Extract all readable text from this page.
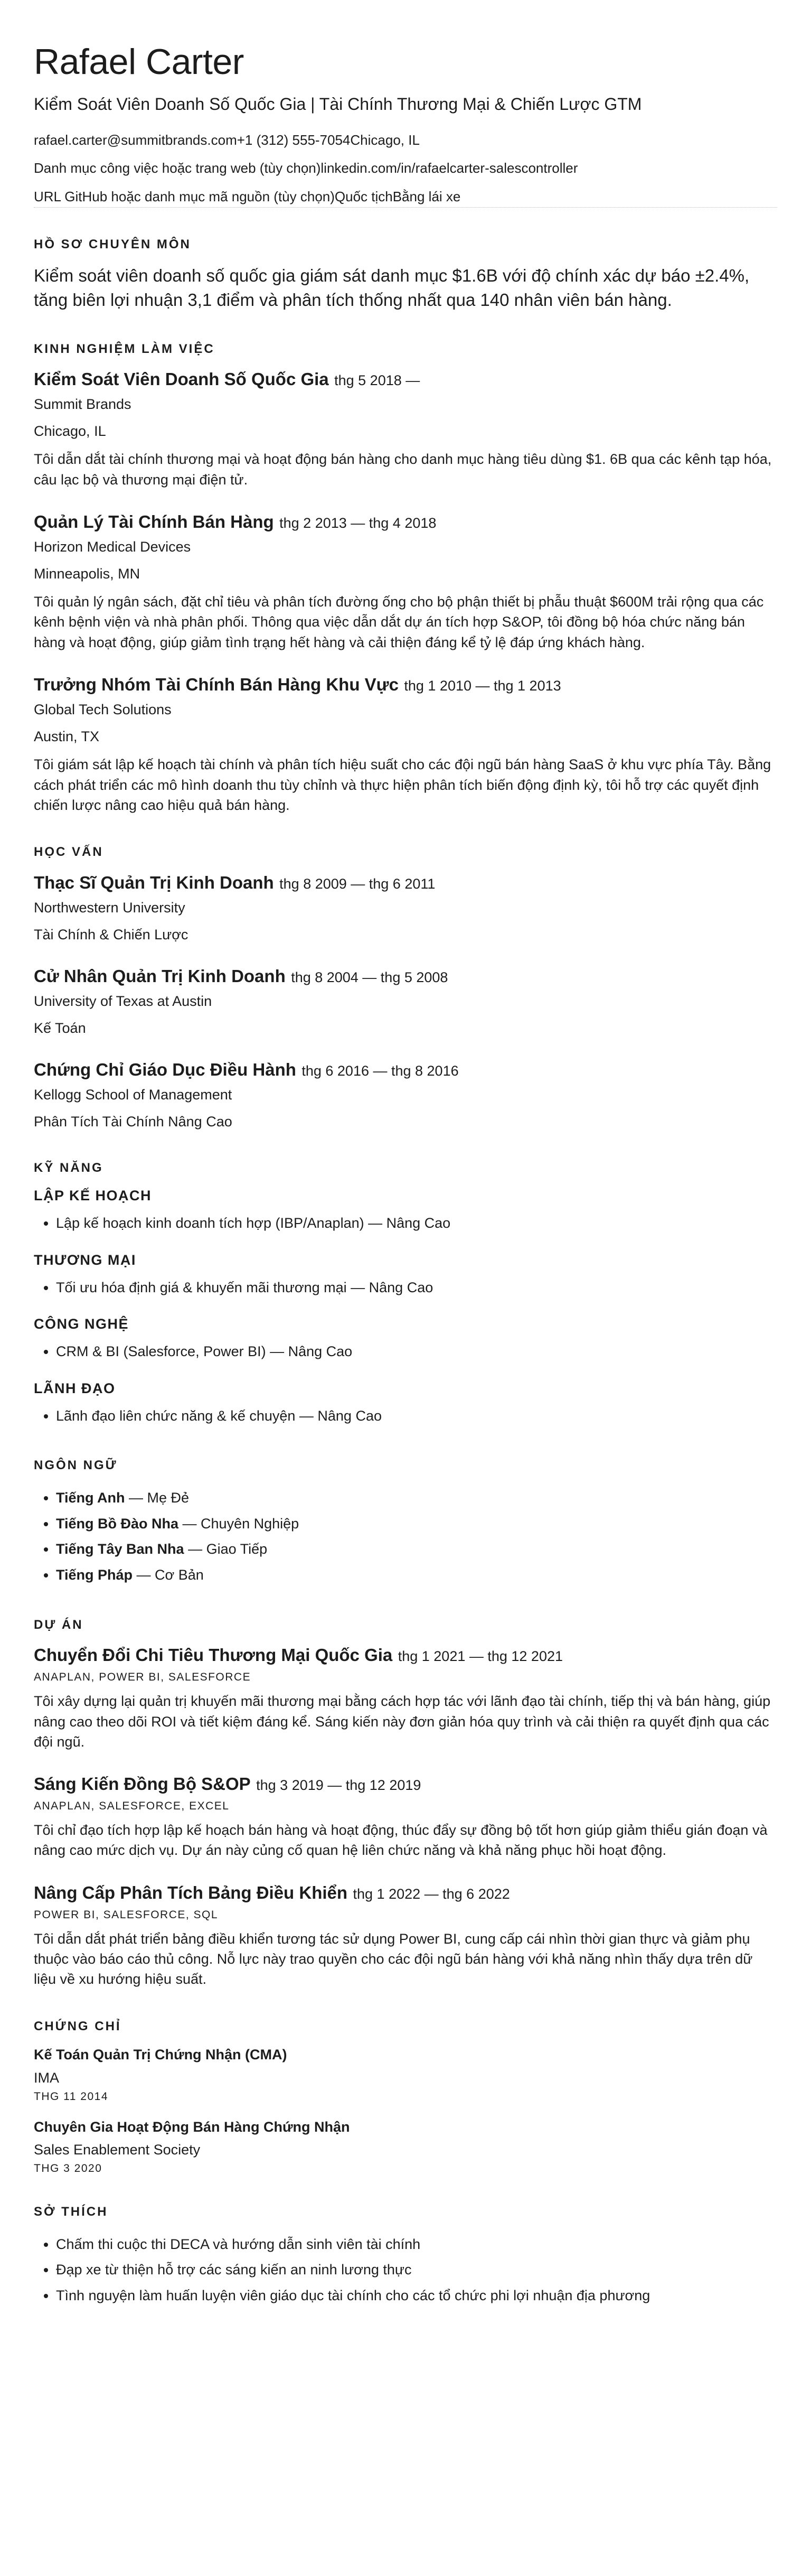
Rafael Carter
Kiểm Soát Viên Doanh Số Quốc Gia | Tài Chính Thương Mại & Chiến Lược GTM
rafael.carter@summitbrands.com+1 (312) 555-7054Chicago, IL
Danh mục công việc hoặc trang web (tùy chọn)linkedin.com/in/rafaelcarter-salescontroller
URL GitHub hoặc danh mục mã nguồn (tùy chọn)Quốc tịchBằng lái xe
HỒ SƠ CHUYÊN MÔN

Kiểm soát viên doanh số quốc gia giám sát danh mục $1.6B với độ chính xác dự báo ±2.4%, tăng biên lợi nhuận 3,1 điểm và phân tích thống nhất qua 140 nhân viên bán hàng.

KINH NGHIỆM LÀM VIỆC
Kiểm Soát Viên Doanh Số Quốc Gia thg 5 2018 —
Summit Brands
Chicago, IL

Tôi dẫn dắt tài chính thương mại và hoạt động bán hàng cho danh mục hàng tiêu dùng $1. 6B qua các kênh tạp hóa, câu lạc bộ và thương mại điện tử.

Quản Lý Tài Chính Bán Hàng thg 2 2013 — thg 4 2018
Horizon Medical Devices
Minneapolis, MN

Tôi quản lý ngân sách, đặt chỉ tiêu và phân tích đường ống cho bộ phận thiết bị phẫu thuật $600M trải rộng qua các kênh bệnh viện và nhà phân phối. Thông qua việc dẫn dắt dự án tích hợp S&OP, tôi đồng bộ hóa chức năng bán hàng và hoạt động, giúp giảm tình trạng hết hàng và cải thiện đáng kể tỷ lệ đáp ứng khách hàng.

Trưởng Nhóm Tài Chính Bán Hàng Khu Vực thg 1 2010 — thg 1 2013
Global Tech Solutions
Austin, TX

Tôi giám sát lập kế hoạch tài chính và phân tích hiệu suất cho các đội ngũ bán hàng SaaS ở khu vực phía Tây. Bằng cách phát triển các mô hình doanh thu tùy chỉnh và thực hiện phân tích biến động định kỳ, tôi hỗ trợ các quyết định chiến lược nâng cao hiệu quả bán hàng.

HỌC VẤN
Thạc Sĩ Quản Trị Kinh Doanh thg 8 2009 — thg 6 2011
Northwestern University
Tài Chính & Chiến Lược
Cử Nhân Quản Trị Kinh Doanh thg 8 2004 — thg 5 2008
University of Texas at Austin
Kế Toán
Chứng Chỉ Giáo Dục Điều Hành thg 6 2016 — thg 8 2016
Kellogg School of Management
Phân Tích Tài Chính Nâng Cao
KỸ NĂNG
LẬP KẾ HOẠCH
• Lập kế hoạch kinh doanh tích hợp (IBP/Anaplan) — Nâng Cao
THƯƠNG MẠI
• Tối ưu hóa định giá & khuyến mãi thương mại — Nâng Cao
CÔNG NGHỆ
• CRM & BI (Salesforce, Power BI) — Nâng Cao
LÃNH ĐẠO
• Lãnh đạo liên chức năng & kế chuyện — Nâng Cao
NGÔN NGỮ
• Tiếng Anh — Mẹ Đẻ
• Tiếng Bồ Đào Nha — Chuyên Nghiệp
• Tiếng Tây Ban Nha — Giao Tiếp
• Tiếng Pháp — Cơ Bản
DỰ ÁN
Chuyển Đổi Chi Tiêu Thương Mại Quốc Gia thg 1 2021 — thg 12 2021
ANAPLAN, POWER BI, SALESFORCE

Tôi xây dựng lại quản trị khuyến mãi thương mại bằng cách hợp tác với lãnh đạo tài chính, tiếp thị và bán hàng, giúp nâng cao theo dõi ROI và tiết kiệm đáng kể. Sáng kiến này đơn giản hóa quy trình và cải thiện ra quyết định qua các đội ngũ.

Sáng Kiến Đồng Bộ S&OP thg 3 2019 — thg 12 2019
ANAPLAN, SALESFORCE, EXCEL

Tôi chỉ đạo tích hợp lập kế hoạch bán hàng và hoạt động, thúc đẩy sự đồng bộ tốt hơn giúp giảm thiểu gián đoạn và nâng cao mức dịch vụ. Dự án này củng cố quan hệ liên chức năng và khả năng phục hồi hoạt động.

Nâng Cấp Phân Tích Bảng Điều Khiển thg 1 2022 — thg 6 2022
POWER BI, SALESFORCE, SQL

Tôi dẫn dắt phát triển bảng điều khiển tương tác sử dụng Power BI, cung cấp cái nhìn thời gian thực và giảm phụ thuộc vào báo cáo thủ công. Nỗ lực này trao quyền cho các đội ngũ bán hàng với khả năng nhìn thấy dựa trên dữ liệu về xu hướng hiệu suất.

CHỨNG CHỈ
Kế Toán Quản Trị Chứng Nhận (CMA)
IMA
THG 11 2014
Chuyên Gia Hoạt Động Bán Hàng Chứng Nhận
Sales Enablement Society
THG 3 2020
SỞ THÍCH
• Chấm thi cuộc thi DECA và hướng dẫn sinh viên tài chính
• Đạp xe từ thiện hỗ trợ các sáng kiến an ninh lương thực
• Tình nguyện làm huấn luyện viên giáo dục tài chính cho các tổ chức phi lợi nhuận địa phương
